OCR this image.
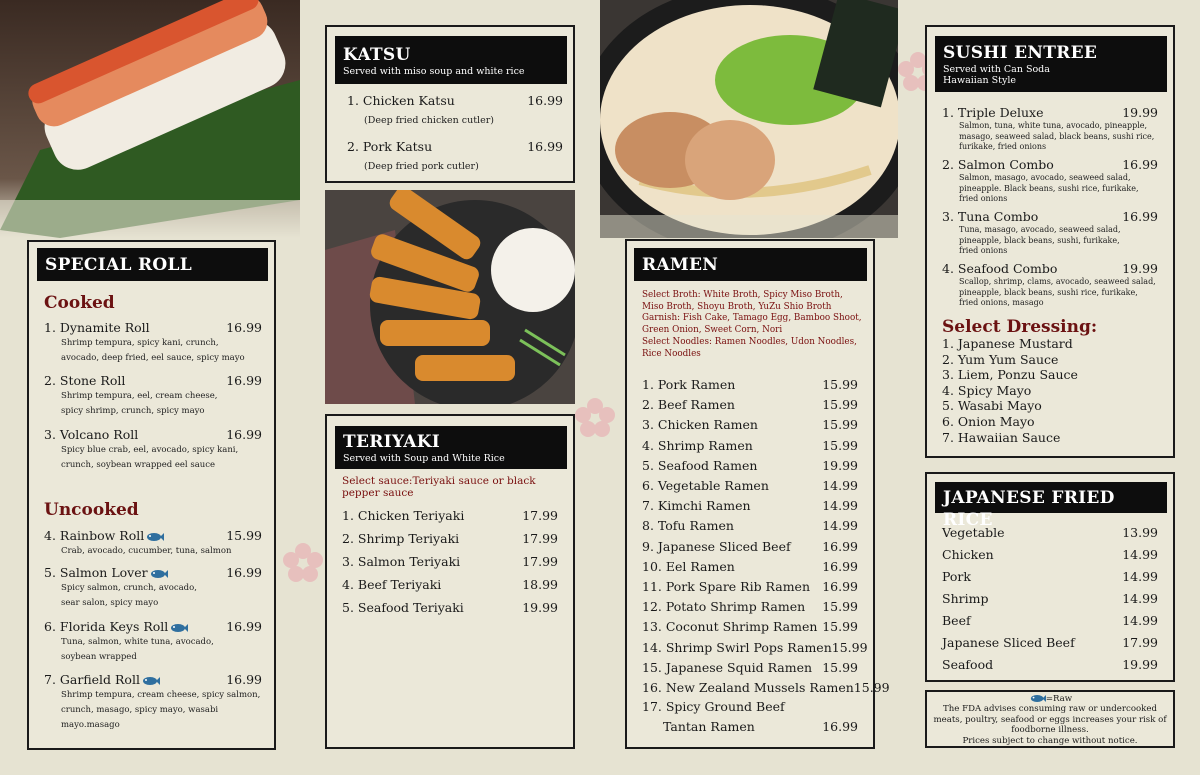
SPECIAL ROLL
Cooked
1. Dynamite Roll	16.99
Shrimp tempura, spicy kani, crunch,
avocado, deep fried, eel sauce, spicy mayo
2. Stone Roll	16.99
Shrimp tempura, eel, cream cheese,
spicy shrimp, crunch, spicy mayo
3. Volcano Roll	16.99
Spicy blue crab, eel, avocado, spicy kani,
crunch, soybean wrapped eel sauce
Uncooked
4. Rainbow Roll	15.99
Crab, avocado, cucumber, tuna, salmon
5. Salmon Lover	16.99
Spicy salmon, crunch, avocado,
sear salon, spicy mayo
6. Florida Keys Roll	16.99
Tuna, salmon, white tuna, avocado,
soybean wrapped
7. Garfield Roll	16.99
Shrimp tempura, cream cheese, spicy salmon,
crunch, masago, spicy mayo, wasabi mayo.masago
KATSU
Served with miso soup and white rice
1. Chicken Katsu	16.99
(Deep fried chicken cutler)
2. Pork Katsu	16.99
(Deep fried pork cutler)
TERIYAKI
Served with Soup and White Rice
Select sauce:Teriyaki sauce or black pepper sauce
1. Chicken Teriyaki	17.99
2. Shrimp Teriyaki	17.99
3. Salmon Teriyaki	17.99
4. Beef Teriyaki	18.99
5. Seafood Teriyaki	19.99
RAMEN
Select Broth: White Broth, Spicy Miso Broth,
Miso Broth, Shoyu Broth, YuZu Shio Broth
Garnish: Fish Cake, Tamago Egg, Bamboo Shoot,
Green Onion, Sweet Corn, Nori
Select Noodles: Ramen Noodles, Udon Noodles,
Rice Noodles
1. Pork Ramen	15.99
2. Beef Ramen	15.99
3. Chicken Ramen	15.99
4. Shrimp Ramen	15.99
5. Seafood Ramen	19.99
6. Vegetable Ramen	14.99
7. Kimchi Ramen	14.99
8. Tofu Ramen	14.99
9. Japanese Sliced Beef	16.99
10. Eel Ramen	16.99
11. Pork Spare Rib Ramen 16.99
12. Potato Shrimp Ramen 15.99
13. Coconut Shrimp Ramen 15.99
14. Shrimp Swirl Pops Ramen 15.99
15. Japanese Squid Ramen 15.99
16. New Zealand Mussels Ramen 15.99
17. Spicy Ground Beef
Tantan Ramen	16.99
SUSHI ENTREE
Served with Can Soda
Hawaiian Style
1. Triple Deluxe	19.99
Salmon, tuna, white tuna, avocado, pineapple,
masago, seaweed salad, black beans, sushi rice,
furikake, fried onions
2. Salmon Combo	16.99
Salmon, masago, avocado, seaweed salad,
pineapple. Black beans, sushi rice, furikake,
fried onions
3. Tuna Combo	16.99
Tuna, masago, avocado, seaweed salad,
pineapple, black beans, sushi, furikake,
fried onions
4. Seafood Combo	19.99
Scallop, shrimp, clams, avocado, seaweed salad,
pineapple, black beans, sushi rice, furikake,
fried onions, masago
Select Dressing:
1. Japanese Mustard
2. Yum Yum Sauce
3. Liem, Ponzu Sauce
4. Spicy Mayo
5. Wasabi Mayo
6. Onion Mayo
7. Hawaiian Sauce
JAPANESE FRIED RICE
Vegetable	13.99
Chicken	14.99
Pork	14.99
Shrimp	14.99
Beef	14.99
Japanese Sliced Beef	17.99
Seafood	19.99
=Raw
The FDA advises consuming raw or undercooked
meats, poultry, seafood or eggs increases your risk of
foodborne illness.
Prices subject to change without notice.
